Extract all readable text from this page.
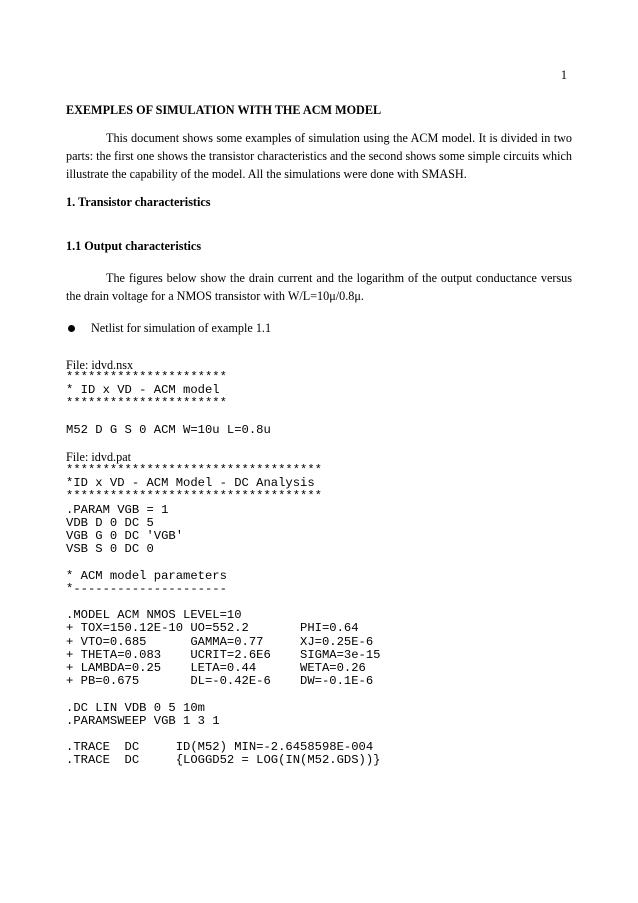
1
EXEMPLES OF SIMULATION WITH THE ACM MODEL
This document shows some examples of simulation using the ACM model. It is divided in two parts: the first one shows the transistor characteristics and the second shows some simple circuits which illustrate the capability of the model. All the simulations were done with SMASH.
1. Transistor characteristics
1.1 Output characteristics
The figures below show the drain current and the logarithm of the output conductance versus the drain voltage for a NMOS transistor with W/L=10μ/0.8μ.
Netlist for simulation of example 1.1
File: idvd.nsx
**********************
* ID x VD - ACM model
**********************

M52 D G S 0 ACM W=10u L=0.8u
File: idvd.pat
***********************************
*ID x VD - ACM Model - DC Analysis
***********************************
.PARAM VGB = 1
VDB D 0 DC 5
VGB G 0 DC 'VGB'
VSB S 0 DC 0

* ACM model parameters
*---------------------

.MODEL ACM NMOS LEVEL=10
+ TOX=150.12E-10 UO=552.2       PHI=0.64
+ VTO=0.685      GAMMA=0.77     XJ=0.25E-6
+ THETA=0.083    UCRIT=2.6E6    SIGMA=3e-15
+ LAMBDA=0.25    LETA=0.44      WETA=0.26
+ PB=0.675       DL=-0.42E-6    DW=-0.1E-6

.DC LIN VDB 0 5 10m
.PARAMSWEEP VGB 1 3 1

.TRACE  DC     ID(M52) MIN=-2.6458598E-004
.TRACE  DC     {LOGGD52 = LOG(IN(M52.GDS))}
